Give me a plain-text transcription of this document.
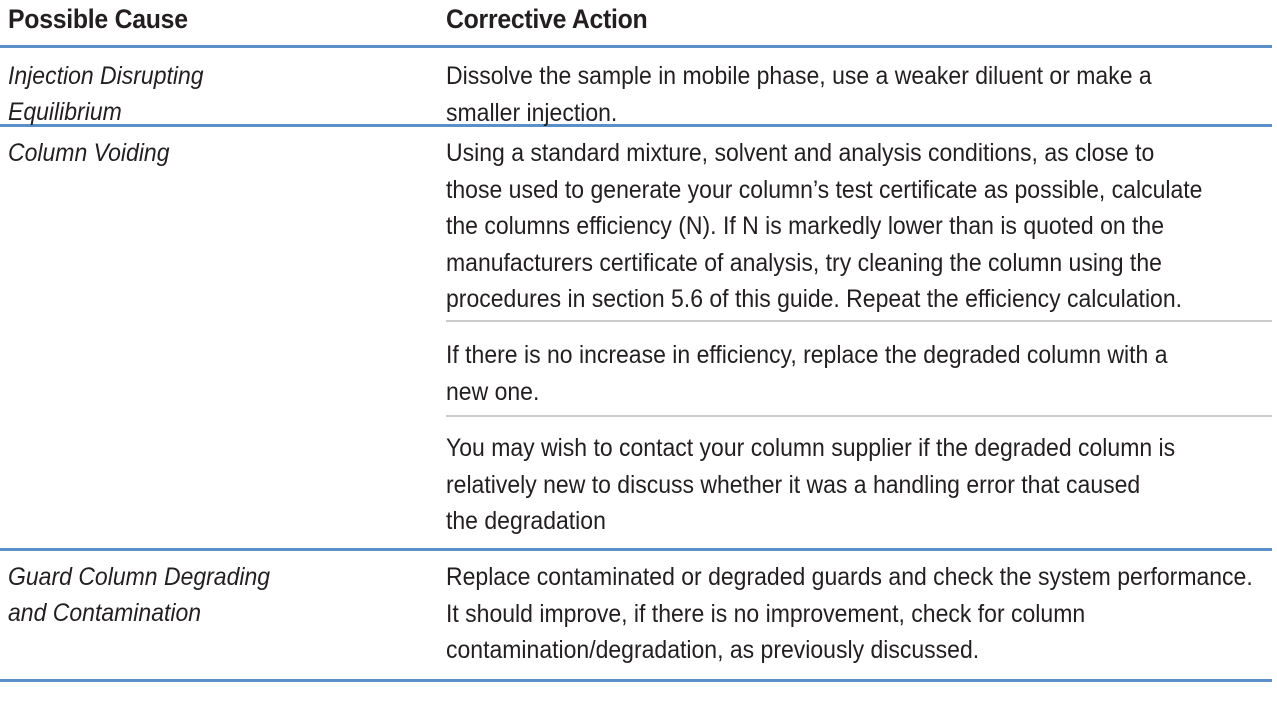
Possible Cause	Corrective Action
Injection Disrupting
Equilibrium
Dissolve the sample in mobile phase, use a weaker diluent or make a
smaller injection.
Column Voiding	Using a standard mixture, solvent and analysis conditions, as close to
those used to generate your column’s test certificate as possible, calculate
the columns efficiency (N). If N is markedly lower than is quoted on the
manufacturers certificate of analysis, try cleaning the column using the
procedures in section 5.6 of this guide. Repeat the efficiency calculation.
If there is no increase in efficiency, replace the degraded column with a
new one.
You may wish to contact your column supplier if the degraded column is
relatively new to discuss whether it was a handling error that caused
the degradation
Guard Column Degrading
and Contamination
Replace contaminated or degraded guards and check the system performance.
It should improve, if there is no improvement, check for column
contamination/degradation, as previously discussed.
